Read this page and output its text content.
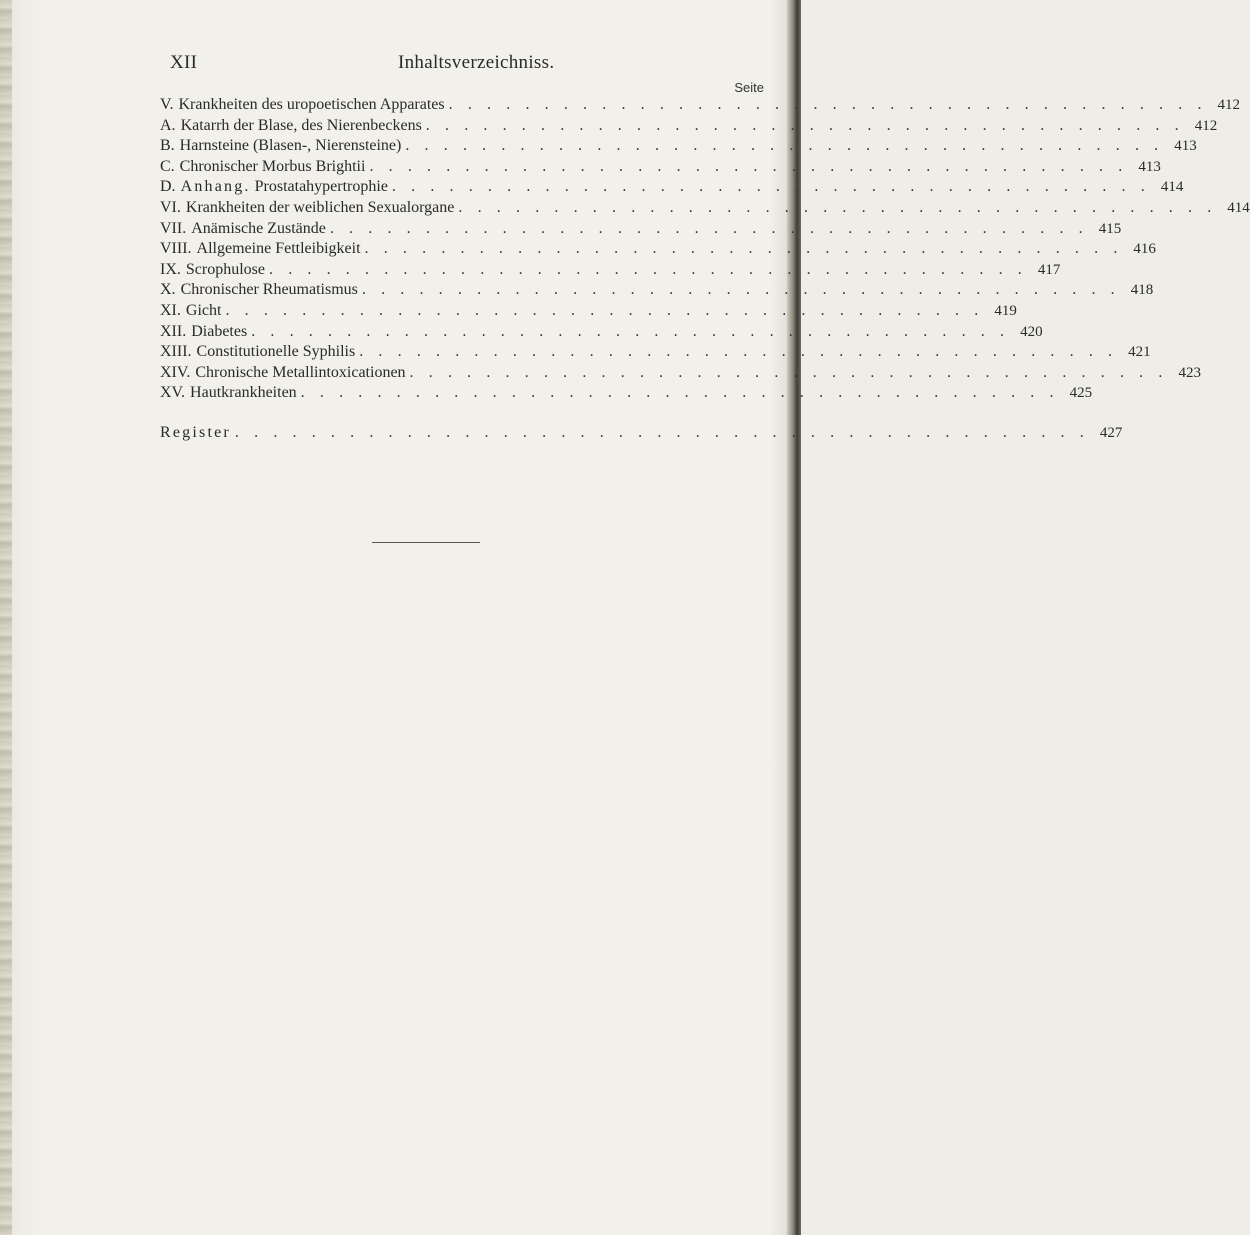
XII	Inhaltsverzeichniss.
Seite
V. Krankheiten des uropoetischen Apparates . . . . . . . . . . . . . . . . . . . . . . . . . . . . . . . . . . . . . . . . 412
A. Katarrh der Blase, des Nierenbeckens . . . . . . . . . . . . . . . . . . . . . . . . . . . . . . . . . . . . . . . . 412
B. Harnsteine (Blasen-, Nierensteine) . . . . . . . . . . . . . . . . . . . . . . . . . . . . . . . . . . . . . . . . 413
C. Chronischer Morbus Brightii . . . . . . . . . . . . . . . . . . . . . . . . . . . . . . . . . . . . . . . . 413
D. Anhang. Prostatahypertrophie . . . . . . . . . . . . . . . . . . . . . . . . . . . . . . . . . . . . . . . . 414
VI. Krankheiten der weiblichen Sexualorgane . . . . . . . . . . . . . . . . . . . . . . . . . . . . . . . . . . . . . . . . 414
VII. Anämische Zustände . . . . . . . . . . . . . . . . . . . . . . . . . . . . . . . . . . . . . . . . 415
VIII. Allgemeine Fettleibigkeit . . . . . . . . . . . . . . . . . . . . . . . . . . . . . . . . . . . . . . . . 416
IX. Scrophulose . . . . . . . . . . . . . . . . . . . . . . . . . . . . . . . . . . . . . . . . 417
X. Chronischer Rheumatismus . . . . . . . . . . . . . . . . . . . . . . . . . . . . . . . . . . . . . . . . 418
XI. Gicht . . . . . . . . . . . . . . . . . . . . . . . . . . . . . . . . . . . . . . . . 419
XII. Diabetes . . . . . . . . . . . . . . . . . . . . . . . . . . . . . . . . . . . . . . . . 420
XIII. Constitutionelle Syphilis . . . . . . . . . . . . . . . . . . . . . . . . . . . . . . . . . . . . . . . . 421
XIV. Chronische Metallintoxicationen . . . . . . . . . . . . . . . . . . . . . . . . . . . . . . . . . . . . . . . . 423
XV. Hautkrankheiten . . . . . . . . . . . . . . . . . . . . . . . . . . . . . . . . . . . . . . . . 425
Register . . . . . . . . . . . . . . . . . . . . . . . . . . . . . . . . . . . . . . . . . . . . . 427
